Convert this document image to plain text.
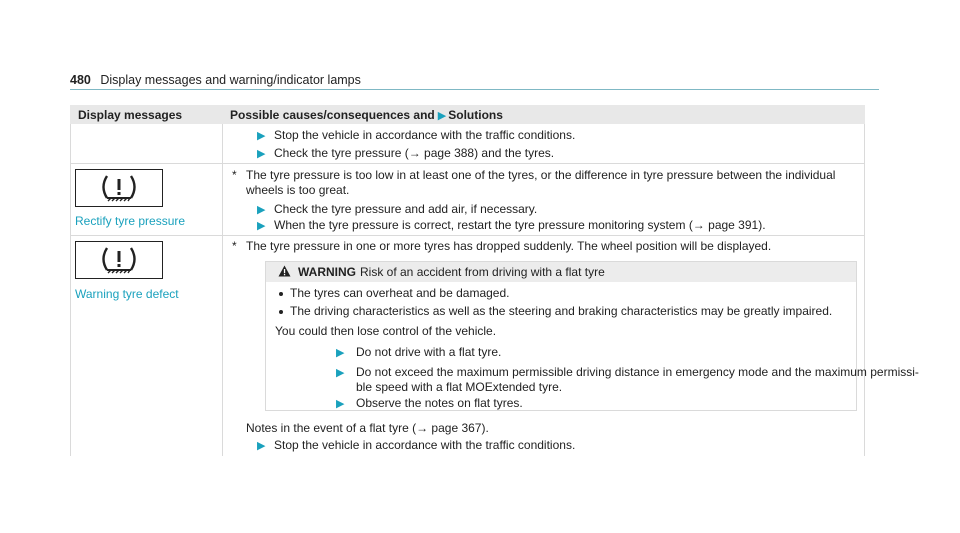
480 Display messages and warning/indicator lamps
Display messages	Possible causes/consequences and ▶ Solutions
▶ Stop the vehicle in accordance with the traffic conditions.
▶ Check the tyre pressure (→ page 388) and the tyres.
Rectify tyre pressure
* The tyre pressure is too low in at least one of the tyres, or the difference in tyre pressure between the individual
wheels is too great.
▶ Check the tyre pressure and add air, if necessary.
▶ When the tyre pressure is correct, restart the tyre pressure monitoring system (→ page 391).
Warning tyre defect
* The tyre pressure in one or more tyres has dropped suddenly. The wheel position will be displayed.
WARNING Risk of an accident from driving with a flat tyre
The tyres can overheat and be damaged.
The driving characteristics as well as the steering and braking characteristics may be greatly impaired.
You could then lose control of the vehicle.
▶ Do not drive with a flat tyre.
▶ Do not exceed the maximum permissible driving distance in emergency mode and the maximum permissi-
ble speed with a flat MOExtended tyre.
▶ Observe the notes on flat tyres.
Notes in the event of a flat tyre (→ page 367).
▶ Stop the vehicle in accordance with the traffic conditions.
